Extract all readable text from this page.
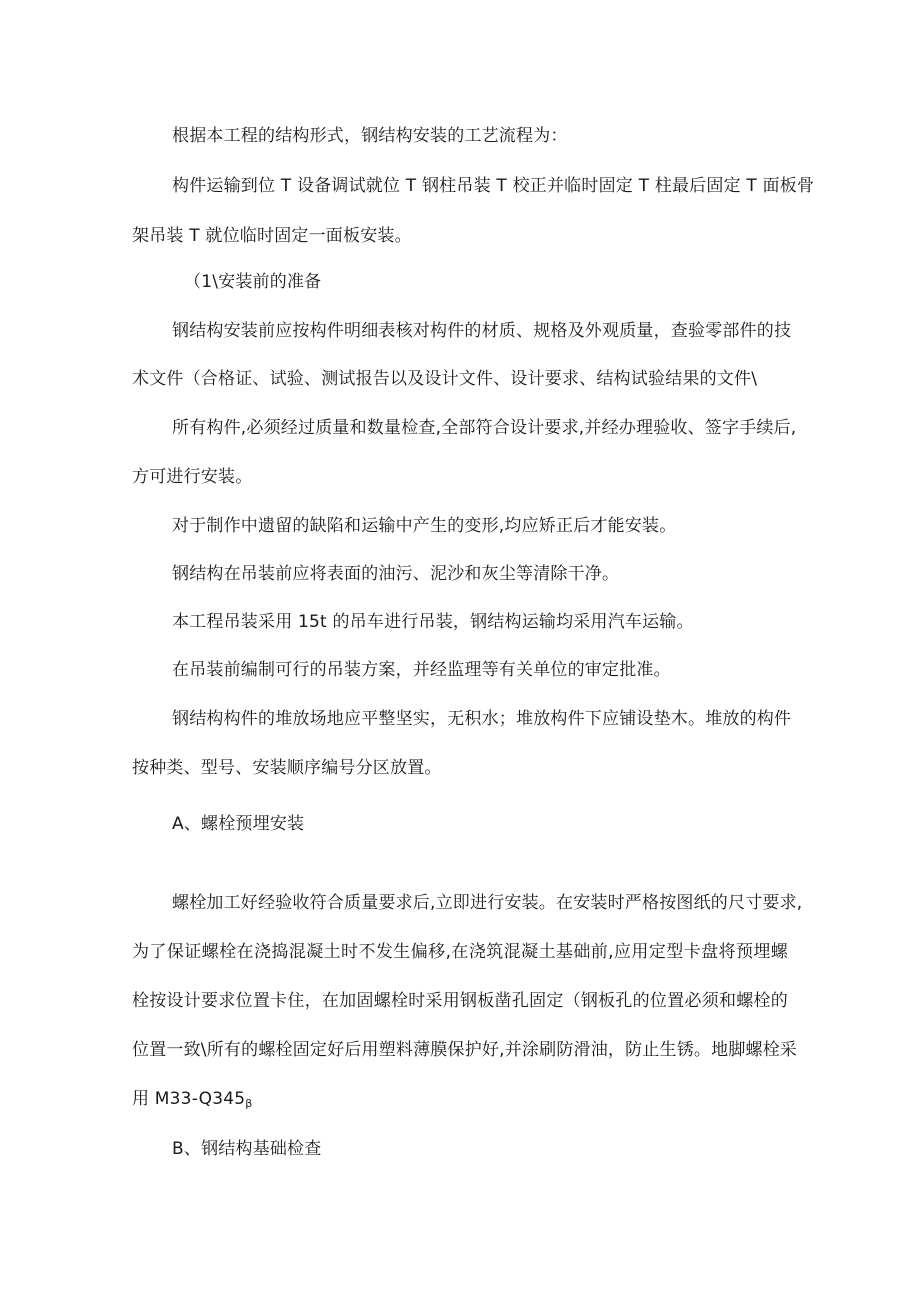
根据本工程的结构形式，钢结构安装的工艺流程为：
构件运输到位 T 设备调试就位 T 钢柱吊装 T 校正并临时固定 T 柱最后固定 T 面板骨
架吊装 T 就位临时固定一面板安装。
（1\安装前的准备
钢结构安装前应按构件明细表核对构件的材质、规格及外观质量，查验零部件的技
术文件（合格证、试验、测试报告以及设计文件、设计要求、结构试验结果的文件\
所有构件,必须经过质量和数量检查,全部符合设计要求,并经办理验收、签字手续后,
方可进行安装。
对于制作中遗留的缺陷和运输中产生的变形,均应矫正后才能安装。
钢结构在吊装前应将表面的油污、泥沙和灰尘等清除干净。
本工程吊装采用 15t 的吊车进行吊装，钢结构运输均采用汽车运输。
在吊装前编制可行的吊装方案，并经监理等有关单位的审定批准。
钢结构构件的堆放场地应平整坚实，无积水；堆放构件下应铺设垫木。堆放的构件
按种类、型号、安装顺序编号分区放置。
A、螺栓预埋安装
螺栓加工好经验收符合质量要求后,立即进行安装。在安装时严格按图纸的尺寸要求,
为了保证螺栓在浇捣混凝土时不发生偏移,在浇筑混凝土基础前,应用定型卡盘将预埋螺
栓按设计要求位置卡住，在加固螺栓时采用钢板凿孔固定（钢板孔的位置必须和螺栓的
位置一致\所有的螺栓固定好后用塑料薄膜保护好,并涂刷防滑油，防止生锈。地脚螺栓采
用 $M33-Q345_\beta$
B、钢结构基础检查
